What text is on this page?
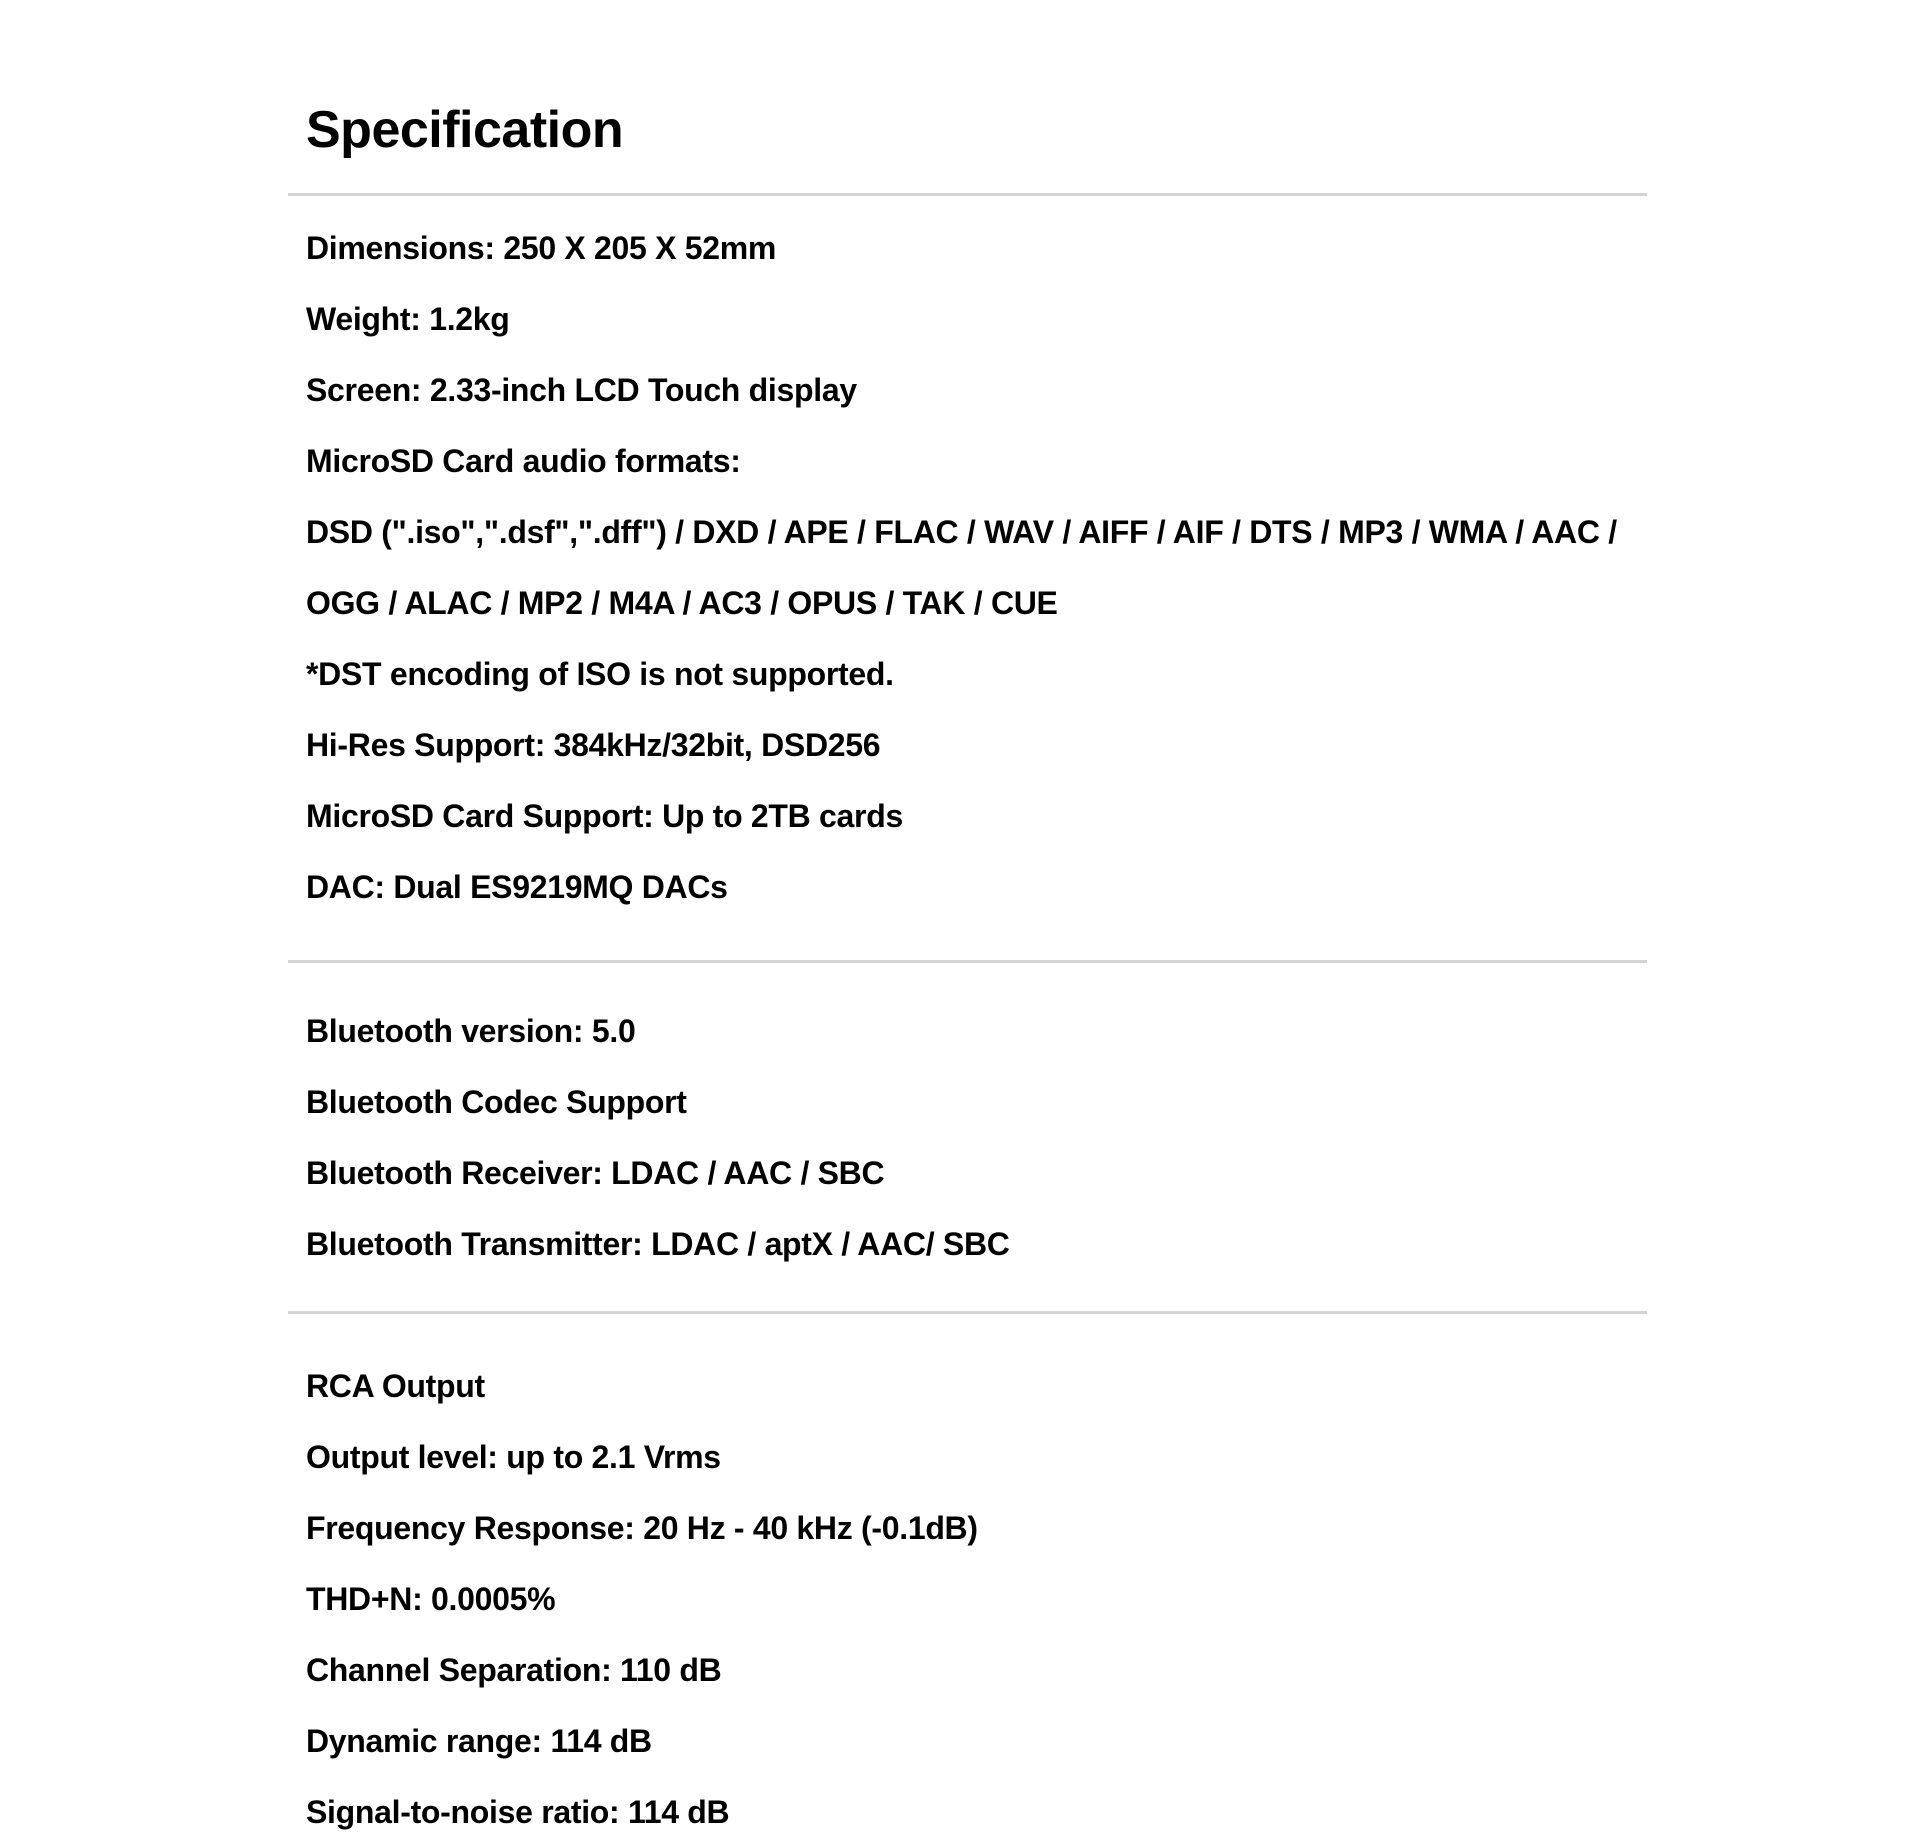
Specification

Dimensions: 250 X 205 X 52mm

Weight: 1.2kg

Screen: 2.33-inch LCD Touch display

MicroSD Card audio formats:

DSD (".iso",".dsf",".dff") / DXD / APE / FLAC / WAV / AIFF / AIF / DTS / MP3 / WMA / AAC /

OGG / ALAC / MP2 / M4A / AC3 / OPUS / TAK / CUE

*DST encoding of ISO is not supported.

Hi-Res Support: 384kHz/32bit, DSD256

MicroSD Card Support: Up to 2TB cards

DAC: Dual ES9219MQ DACs

Bluetooth version: 5.0

Bluetooth Codec Support

Bluetooth Receiver: LDAC / AAC / SBC

Bluetooth Transmitter: LDAC / aptX / AAC/ SBC

RCA Output

Output level: up to 2.1 Vrms

Frequency Response: 20 Hz - 40 kHz (-0.1dB)

THD+N: 0.0005%

Channel Separation: 110 dB

Dynamic range: 114 dB

Signal-to-noise ratio: 114 dB
